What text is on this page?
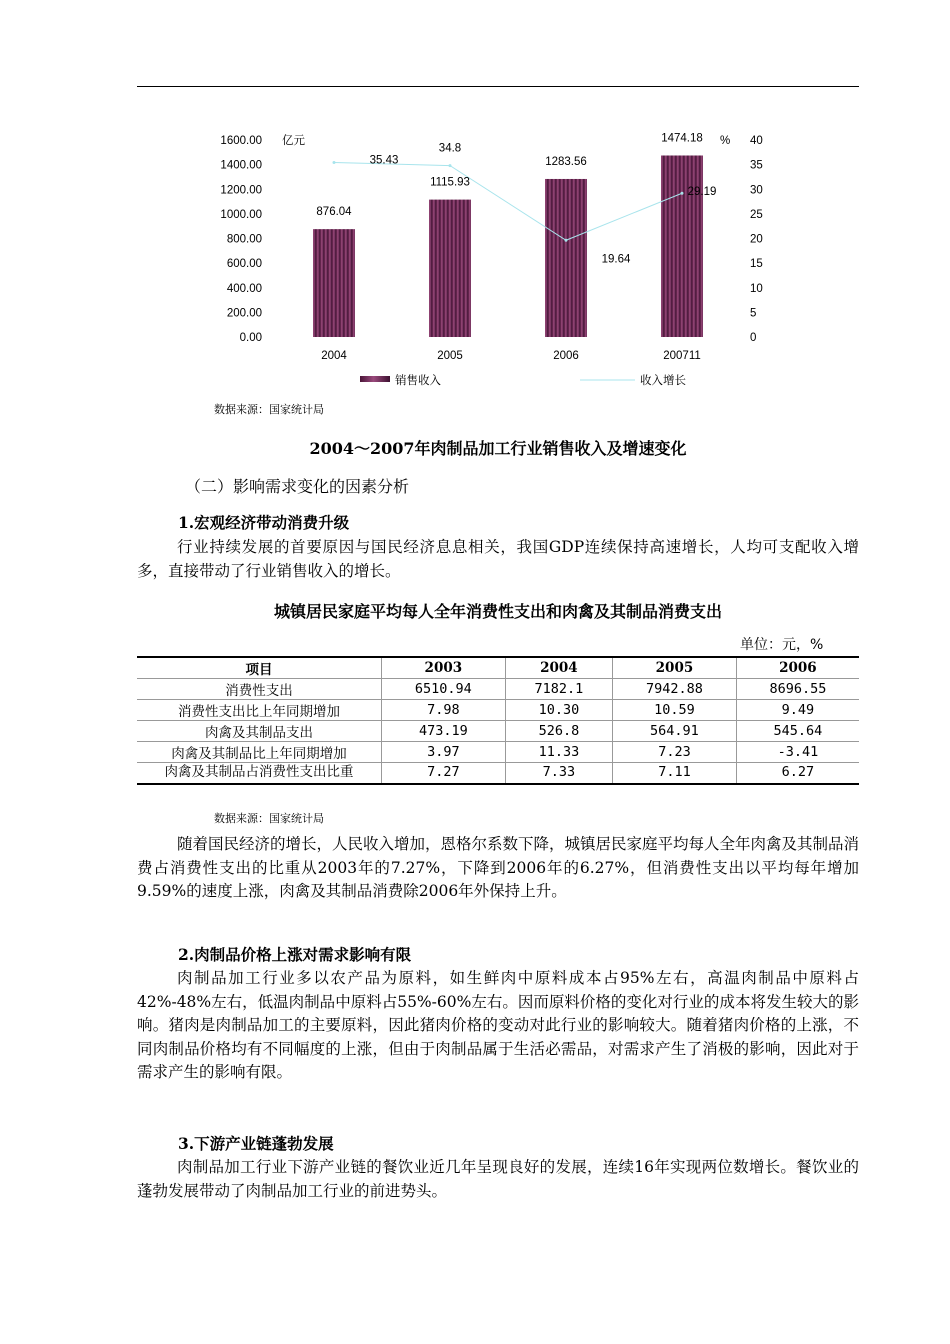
1600.00
1400.00
1200.00
1000.00
800.00
600.00
400.00
200.00
0.00
40
35
30
25
20
15
10
5
0
亿元	%
876.04
1115.93
1283.56
1474.18
35.43
34.8
19.64
29.19
2004	2005	2006	200711
销售收入	收入增长
数据来源：国家统计局
2004～2007年肉制品加工行业销售收入及增速变化
（二）影响需求变化的因素分析
1.宏观经济带动消费升级

行业持续发展的首要原因与国民经济息息相关，我国GDP连续保持高速增长，人均可支配收入增多，直接带动了行业销售收入的增长。

城镇居民家庭平均每人全年消费性支出和肉禽及其制品消费支出
单位：元，%
项目	2003	2004	2005	2006
消费性支出	6510.94	7182.1	7942.88	8696.55
消费性支出比上年同期增加	7.98	10.30	10.59	9.49
肉禽及其制品支出	473.19	526.8	564.91	545.64
肉禽及其制品比上年同期增加	3.97	11.33	7.23	-3.41
肉禽及其制品占消费性支出比重	7.27	7.33	7.11	6.27
数据来源：国家统计局

随着国民经济的增长，人民收入增加，恩格尔系数下降，城镇居民家庭平均每人全年肉禽及其制品消费占消费性支出的比重从2003年的7.27%，下降到2006年的6.27%，但消费性支出以平均每年增加9.59%的速度上涨，肉禽及其制品消费除2006年外保持上升。

2.肉制品价格上涨对需求影响有限

肉制品加工行业多以农产品为原料，如生鲜肉中原料成本占95%左右，高温肉制品中原料占42%-48%左右，低温肉制品中原料占55%-60%左右。因而原料价格的变化对行业的成本将发生较大的影响。猪肉是肉制品加工的主要原料，因此猪肉价格的变动对此行业的影响较大。随着猪肉价格的上涨，不同肉制品价格均有不同幅度的上涨，但由于肉制品属于生活必需品，对需求产生了消极的影响，因此对于需求产生的影响有限。

3.下游产业链蓬勃发展

肉制品加工行业下游产业链的餐饮业近几年呈现良好的发展，连续16年实现两位数增长。餐饮业的蓬勃发展带动了肉制品加工行业的前进势头。
